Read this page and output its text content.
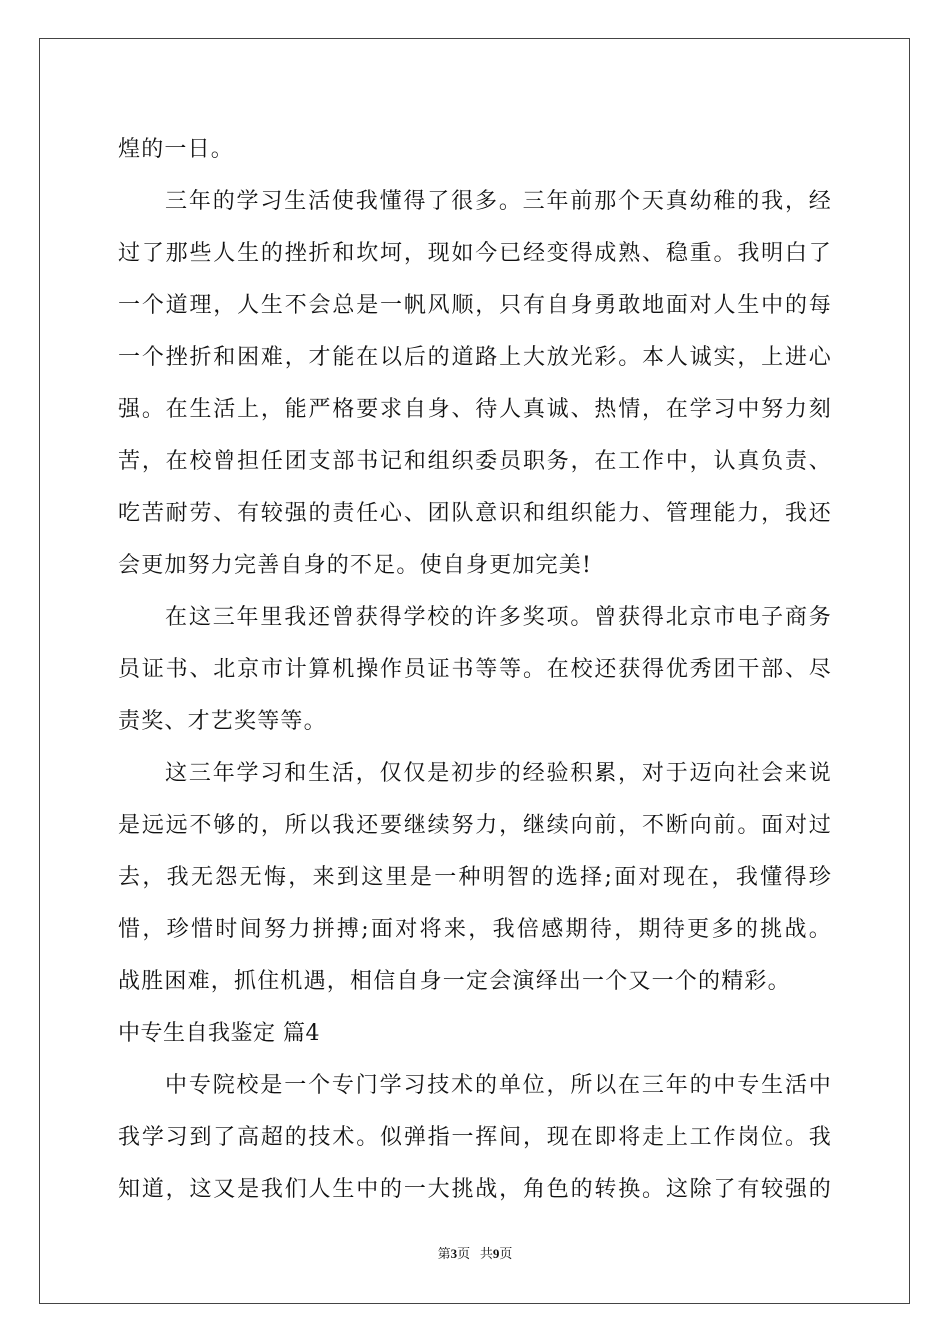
煌的一日。
三年的学习生活使我懂得了很多。三年前那个天真幼稚的我，经
过了那些人生的挫折和坎坷，现如今已经变得成熟、稳重。我明白了
一个道理，人生不会总是一帆风顺，只有自身勇敢地面对人生中的每
一个挫折和困难，才能在以后的道路上大放光彩。本人诚实，上进心
强。在生活上，能严格要求自身、待人真诚、热情，在学习中努力刻
苦，在校曾担任团支部书记和组织委员职务，在工作中，认真负责、
吃苦耐劳、有较强的责任心、团队意识和组织能力、管理能力，我还
会更加努力完善自身的不足。使自身更加完美!
在这三年里我还曾获得学校的许多奖项。曾获得北京市电子商务
员证书、北京市计算机操作员证书等等。在校还获得优秀团干部、尽
责奖、才艺奖等等。
这三年学习和生活，仅仅是初步的经验积累，对于迈向社会来说
是远远不够的，所以我还要继续努力，继续向前，不断向前。面对过
去，我无怨无悔，来到这里是一种明智的选择;面对现在，我懂得珍
惜，珍惜时间努力拼搏;面对将来，我倍感期待，期待更多的挑战。
战胜困难，抓住机遇，相信自身一定会演绎出一个又一个的精彩。
中专生自我鉴定 篇4
中专院校是一个专门学习技术的单位，所以在三年的中专生活中
我学习到了高超的技术。似弹指一挥间，现在即将走上工作岗位。我
知道，这又是我们人生中的一大挑战，角色的转换。这除了有较强的
第3页 共9页
